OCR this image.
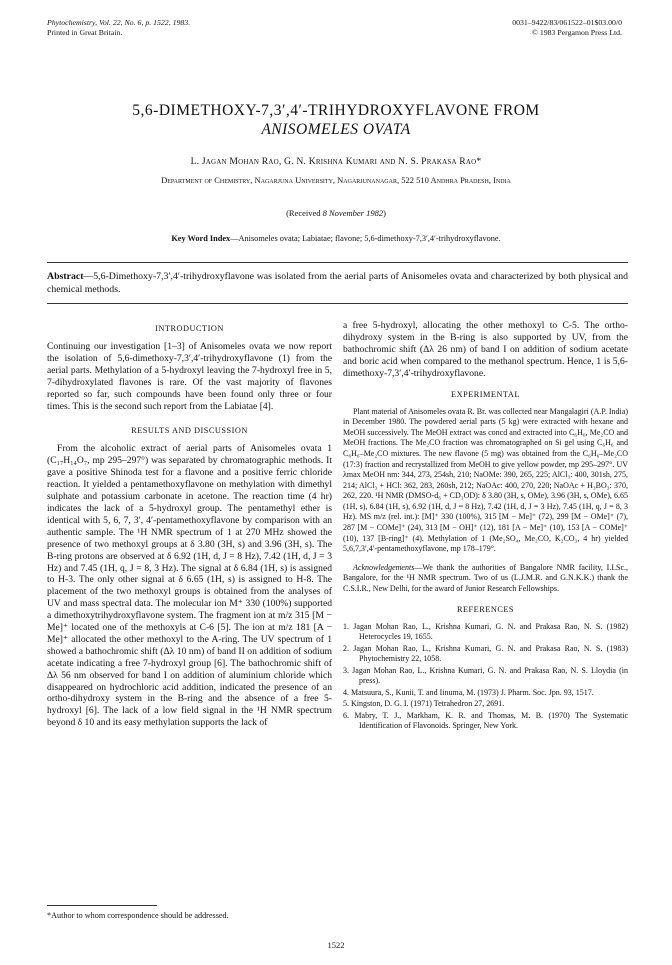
Phytochemistry, Vol. 22, No. 6, p. 1522, 1983.
Printed in Great Britain.
0031–9422/83/061522–01$03.00/0
© 1983 Pergamon Press Ltd.
5,6-DIMETHOXY-7,3′,4′-TRIHYDROXYFLAVONE FROM
ANISOMELES OVATA
L. Jagan Mohan Rao, G. N. Krishna Kumari and N. S. Prakasa Rao*
Department of Chemistry, Nagarjuna University, Nagarjunanagar, 522 510 Andhra Pradesh, India
(Received 8 November 1982)
Key Word Index—Anisomeles ovata; Labiatae; flavone; 5,6-dimethoxy-7,3′,4′-trihydroxyflavone.
Abstract—5,6-Dimethoxy-7,3′,4′-trihydroxyflavone was isolated from the aerial parts of Anisomeles ovata and characterized by both physical and chemical methods.
INTRODUCTION

Continuing our investigation [1–3] of Anisomeles ovata we now report the isolation of 5,6-dimethoxy-7,3′,4′-trihydroxyflavone (1) from the aerial parts. Methylation of a 5-hydroxyl leaving the 7-hydroxyl free in 5, 7-dihydroxylated flavones is rare. Of the vast majority of flavones reported so far, such compounds have been found only three or four times. This is the second such report from the Labiatae [4].

RESULTS AND DISCUSSION

From the alcoholic extract of aerial parts of Anisomeles ovata 1 (C₁₇H₁₄O₇, mp 295–297°) was separated by chromatographic methods. It gave a positive Shinoda test for a flavone and a positive ferric chloride reaction. It yielded a pentamethoxyflavone on methylation with dimethyl sulphate and potassium carbonate in acetone. The reaction time (4 hr) indicates the lack of a 5-hydroxyl group. The pentamethyl ether is identical with 5, 6, 7, 3′, 4′-pentamethoxyflavone by comparison with an authentic sample. The ¹H NMR spectrum of 1 at 270 MHz showed the presence of two methoxyl groups at δ 3.80 (3H, s) and 3.96 (3H, s). The B-ring protons are observed at δ 6.92 (1H, d, J = 8 Hz), 7.42 (1H, d, J = 3 Hz) and 7.45 (1H, q, J = 8, 3 Hz). The signal at δ 6.84 (1H, s) is assigned to H-3. The only other signal at δ 6.65 (1H, s) is assigned to H-8. The placement of the two methoxyl groups is obtained from the analyses of UV and mass spectral data. The molecular ion M⁺ 330 (100%) supported a dimethoxytrihydroxyflavone system. The fragment ion at m/z 315 [M − Me]⁺ located one of the methoxyls at C-6 [5]. The ion at m/z 181 [A − Me]⁺ allocated the other methoxyl to the A-ring. The UV spectrum of 1 showed a bathochromic shift (Δλ 10 nm) of band II on addition of sodium acetate indicating a free 7-hydroxyl group [6]. The bathochromic shift of Δλ 56 nm observed for band I on addition of aluminium chloride which disappeared on hydrochloric acid addition, indicated the presence of an ortho-dihydroxy system in the B-ring and the absence of a free 5-hydroxyl [6]. The lack of a low field signal in the ¹H NMR spectrum beyond δ 10 and its easy methylation supports the lack of

a free 5-hydroxyl, allocating the other methoxyl to C-5. The ortho-dihydroxy system in the B-ring is also supported by UV, from the bathochromic shift (Δλ 26 nm) of band I on addition of sodium acetate and boric acid when compared to the methanol spectrum. Hence, 1 is 5,6-dimethoxy-7,3′,4′-trihydroxyflavone.

EXPERIMENTAL

Plant material of Anisomeles ovata R. Br. was collected near Mangalagiri (A.P. India) in December 1980. The powdered aerial parts (5 kg) were extracted with hexane and MeOH successively. The MeOH extract was concd and extracted into C₆H₆, Me₂CO and MeOH fractions. The Me₂CO fraction was chromatographed on Si gel using C₆H₆ and C₆H₆–Me₂CO mixtures. The new flavone (5 mg) was obtained from the C₆H₆–Me₂CO (17:3) fraction and recrystallized from MeOH to give yellow powder, mp 295–297°. UV λmax MeOH nm: 344, 273, 254sh, 210; NaOMe: 390, 265, 225; AlCl₃: 400, 301sh, 275, 214; AlCl₃ + HCl: 362, 283, 260sh, 212; NaOAc: 400, 270, 220; NaOAc + H₃BO₃: 370, 262, 220. ¹H NMR (DMSO-d₆ + CD₃OD): δ 3.80 (3H, s, OMe), 3.96 (3H, s, OMe), 6.65 (1H, s), 6.84 (1H, s), 6.92 (1H, d, J = 8 Hz), 7.42 (1H, d, J = 3 Hz), 7.45 (1H, q, J = 8, 3 Hz). MS m/z (rel. int.): [M]⁺ 330 (100%), 315 [M − Me]⁺ (72), 299 [M − OMe]⁺ (7), 287 [M − COMe]⁺ (24), 313 [M − OH]⁺ (12), 181 [A − Me]⁺ (10), 153 [A − COMe]⁺ (10), 137 [B-ring]⁺ (4). Methylation of 1 (Me₂SO₄, Me₂CO, K₂CO₃, 4 hr) yielded 5,6,7,3′,4′-pentamethoxyflavone, mp 178–179°.

Acknowledgements—We thank the authorities of Bangalore NMR facility, I.I.Sc., Bangalore, for the ¹H NMR spectrum. Two of us (L.J.M.R. and G.N.K.K.) thank the C.S.I.R., New Delhi, for the award of Junior Research Fellowships.

REFERENCES
1. Jagan Mohan Rao, L., Krishna Kumari, G. N. and Prakasa Rao, N. S. (1982) Heterocycles 19, 1655.
2. Jagan Mohan Rao, L., Krishna Kumari, G. N. and Prakasa Rao, N. S. (1983) Phytochemistry 22, 1058.
3. Jagan Mohan Rao, L., Krishna Kumari, G. N. and Prakasa Rao, N. S. Lloydia (in press).
4. Matsuura, S., Kunii, T. and Iinuma, M. (1973) J. Pharm. Soc. Jpn. 93, 1517.
5. Kingston, D. G. I. (1971) Tetrahedron 27, 2691.
6. Mabry, T. J., Markham, K. R. and Thomas, M. B. (1970) The Systematic Identification of Flavonoids. Springer, New York.
*Author to whom correspondence should be addressed.
1522
